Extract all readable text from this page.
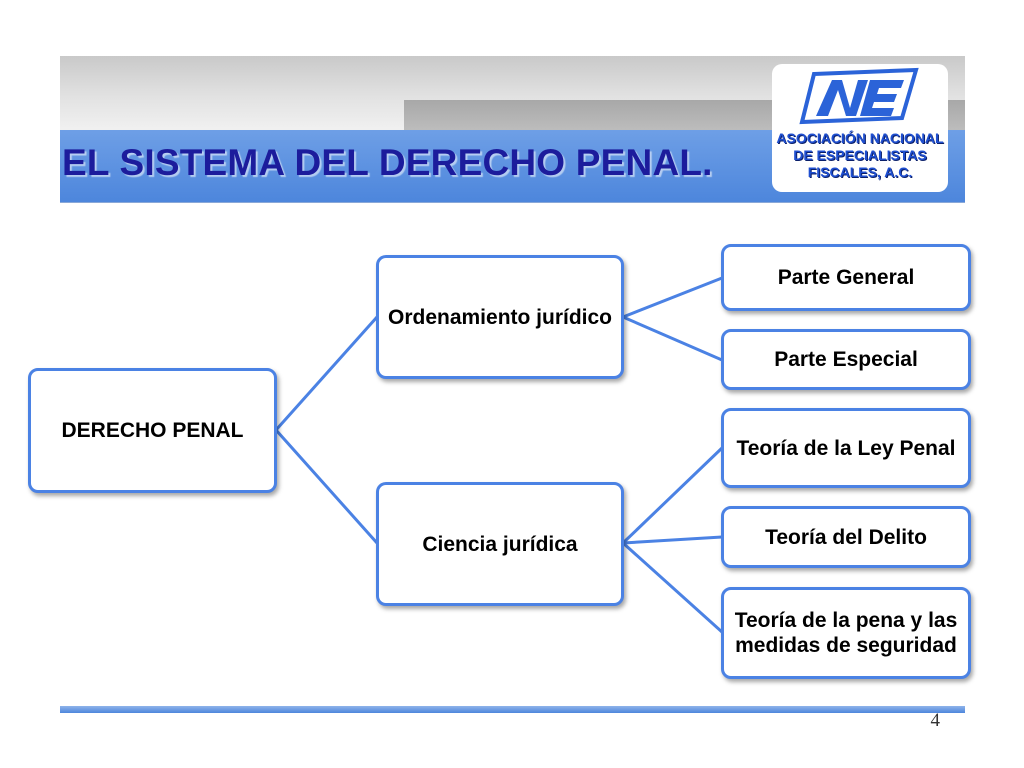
EL SISTEMA DEL DERECHO PENAL.
ANE
ASOCIACIÓN NACIONAL
DE ESPECIALISTAS
FISCALES, A.C.
DERECHO PENAL
Ordenamiento jurídico
Ciencia jurídica
Parte General
Parte Especial
Teoría de la Ley Penal
Teoría del Delito
Teoría de la pena y las medidas de seguridad
4
